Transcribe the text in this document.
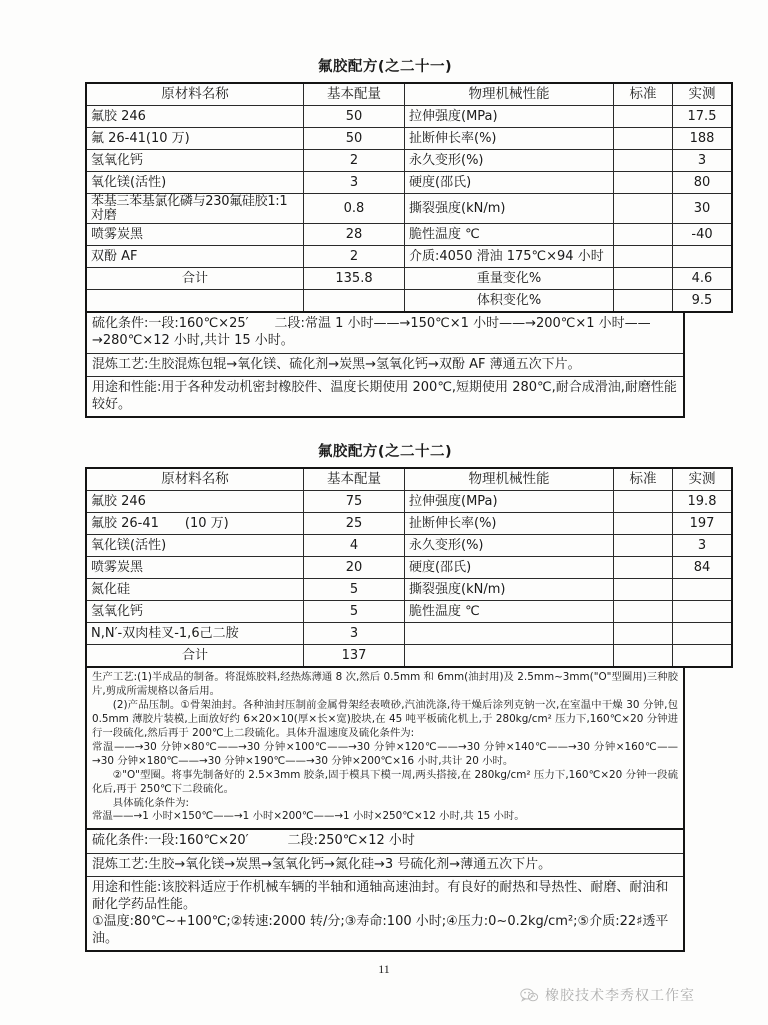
氟胶配方(之二十一)
原材料名称	基本配量	物理机械性能	标准	实测
氟胶 246	50	拉伸强度(MPa)		17.5
氟 26-41(10 万)	50	扯断伸长率(%)		188
氢氧化钙	2	永久变形(%)		3
氧化镁(活性)	3	硬度(邵氏)		80
苯基三苯基氯化磷与230氟硅胶1:1对磨	0.8	撕裂强度(kN/m)		30
喷雾炭黑	28	脆性温度 ℃		-40
双酚 AF	2	介质:4050 滑油 175℃×94 小时		
合计	135.8	重量变化%		4.6
		体积变化%		9.5
硫化条件:一段:160℃×25′　　二段:常温 1 小时——→150℃×1 小时——→200℃×1 小时——→280℃×12 小时,共计 15 小时。
混炼工艺:生胶混炼包辊→氧化镁、硫化剂→炭黑→氢氧化钙→双酚 AF 薄通五次下片。
用途和性能:用于各种发动机密封橡胶件、温度长期使用 200℃,短期使用 280℃,耐合成滑油,耐磨性能较好。
氟胶配方(之二十二)
原材料名称	基本配量	物理机械性能	标准	实测
氟胶 246	75	拉伸强度(MPa)		19.8
氟胶 26-41　　(10 万)	25	扯断伸长率(%)		197
氧化镁(活性)	4	永久变形(%)		3
喷雾炭黑	20	硬度(邵氏)		84
氮化硅	5	撕裂强度(kN/m)		
氢氧化钙	5	脆性温度 ℃		
N,N′-双肉桂叉-1,6己二胺	3			
合计	137			

生产工艺:(1)半成品的制备。将混炼胶料,经热炼薄通 8 次,然后 0.5mm 和 6mm(油封用)及 2.5mm~3mm("O"型圈用)三种胶片,剪成所需规格以备后用。

(2)产品压制。①骨架油封。各种油封压制前金属骨架经表喷砂,汽油洗涤,待干燥后涂列克钠一次,在室温中干燥 30 分钟,包 0.5mm 薄胶片装模,上面放好约 6×20×10(厚×长×宽)胶块,在 45 吨平板硫化机上,于 280kg/cm² 压力下,160℃×20 分钟进行一段硫化,然后再于 200℃上二段硫化。具体升温速度及硫化条件为:

常温——→30 分钟×80℃——→30 分钟×100℃——→30 分钟×120℃——→30 分钟×140℃——→30 分钟×160℃——→30 分钟×180℃——→30 分钟×190℃——→30 分钟×200℃×16 小时,共计 20 小时。

②"O"型圈。将事先制备好的 2.5×3mm 胶条,固于模具下模一周,两头搭接,在 280kg/cm² 压力下,160℃×20 分钟一段硫化后,再于 250℃下二段硫化。

具体硫化条件为:

常温——→1 小时×150℃——→1 小时×200℃——→1 小时×250℃×12 小时,共 15 小时。

硫化条件:一段:160℃×20′　　　二段:250℃×12 小时
混炼工艺:生胶→氧化镁→炭黑→氢氧化钙→氮化硅→3 号硫化剂→薄通五次下片。
用途和性能:该胶料适应于作机械车辆的半轴和通轴高速油封。有良好的耐热和导热性、耐磨、耐油和耐化学药品性能。
①温度:80℃~+100℃;②转速:2000 转/分;③寿命:100 小时;④压力:0~0.2kg/cm²;⑤介质:22♯透平油。
11
橡胶技术李秀权工作室
